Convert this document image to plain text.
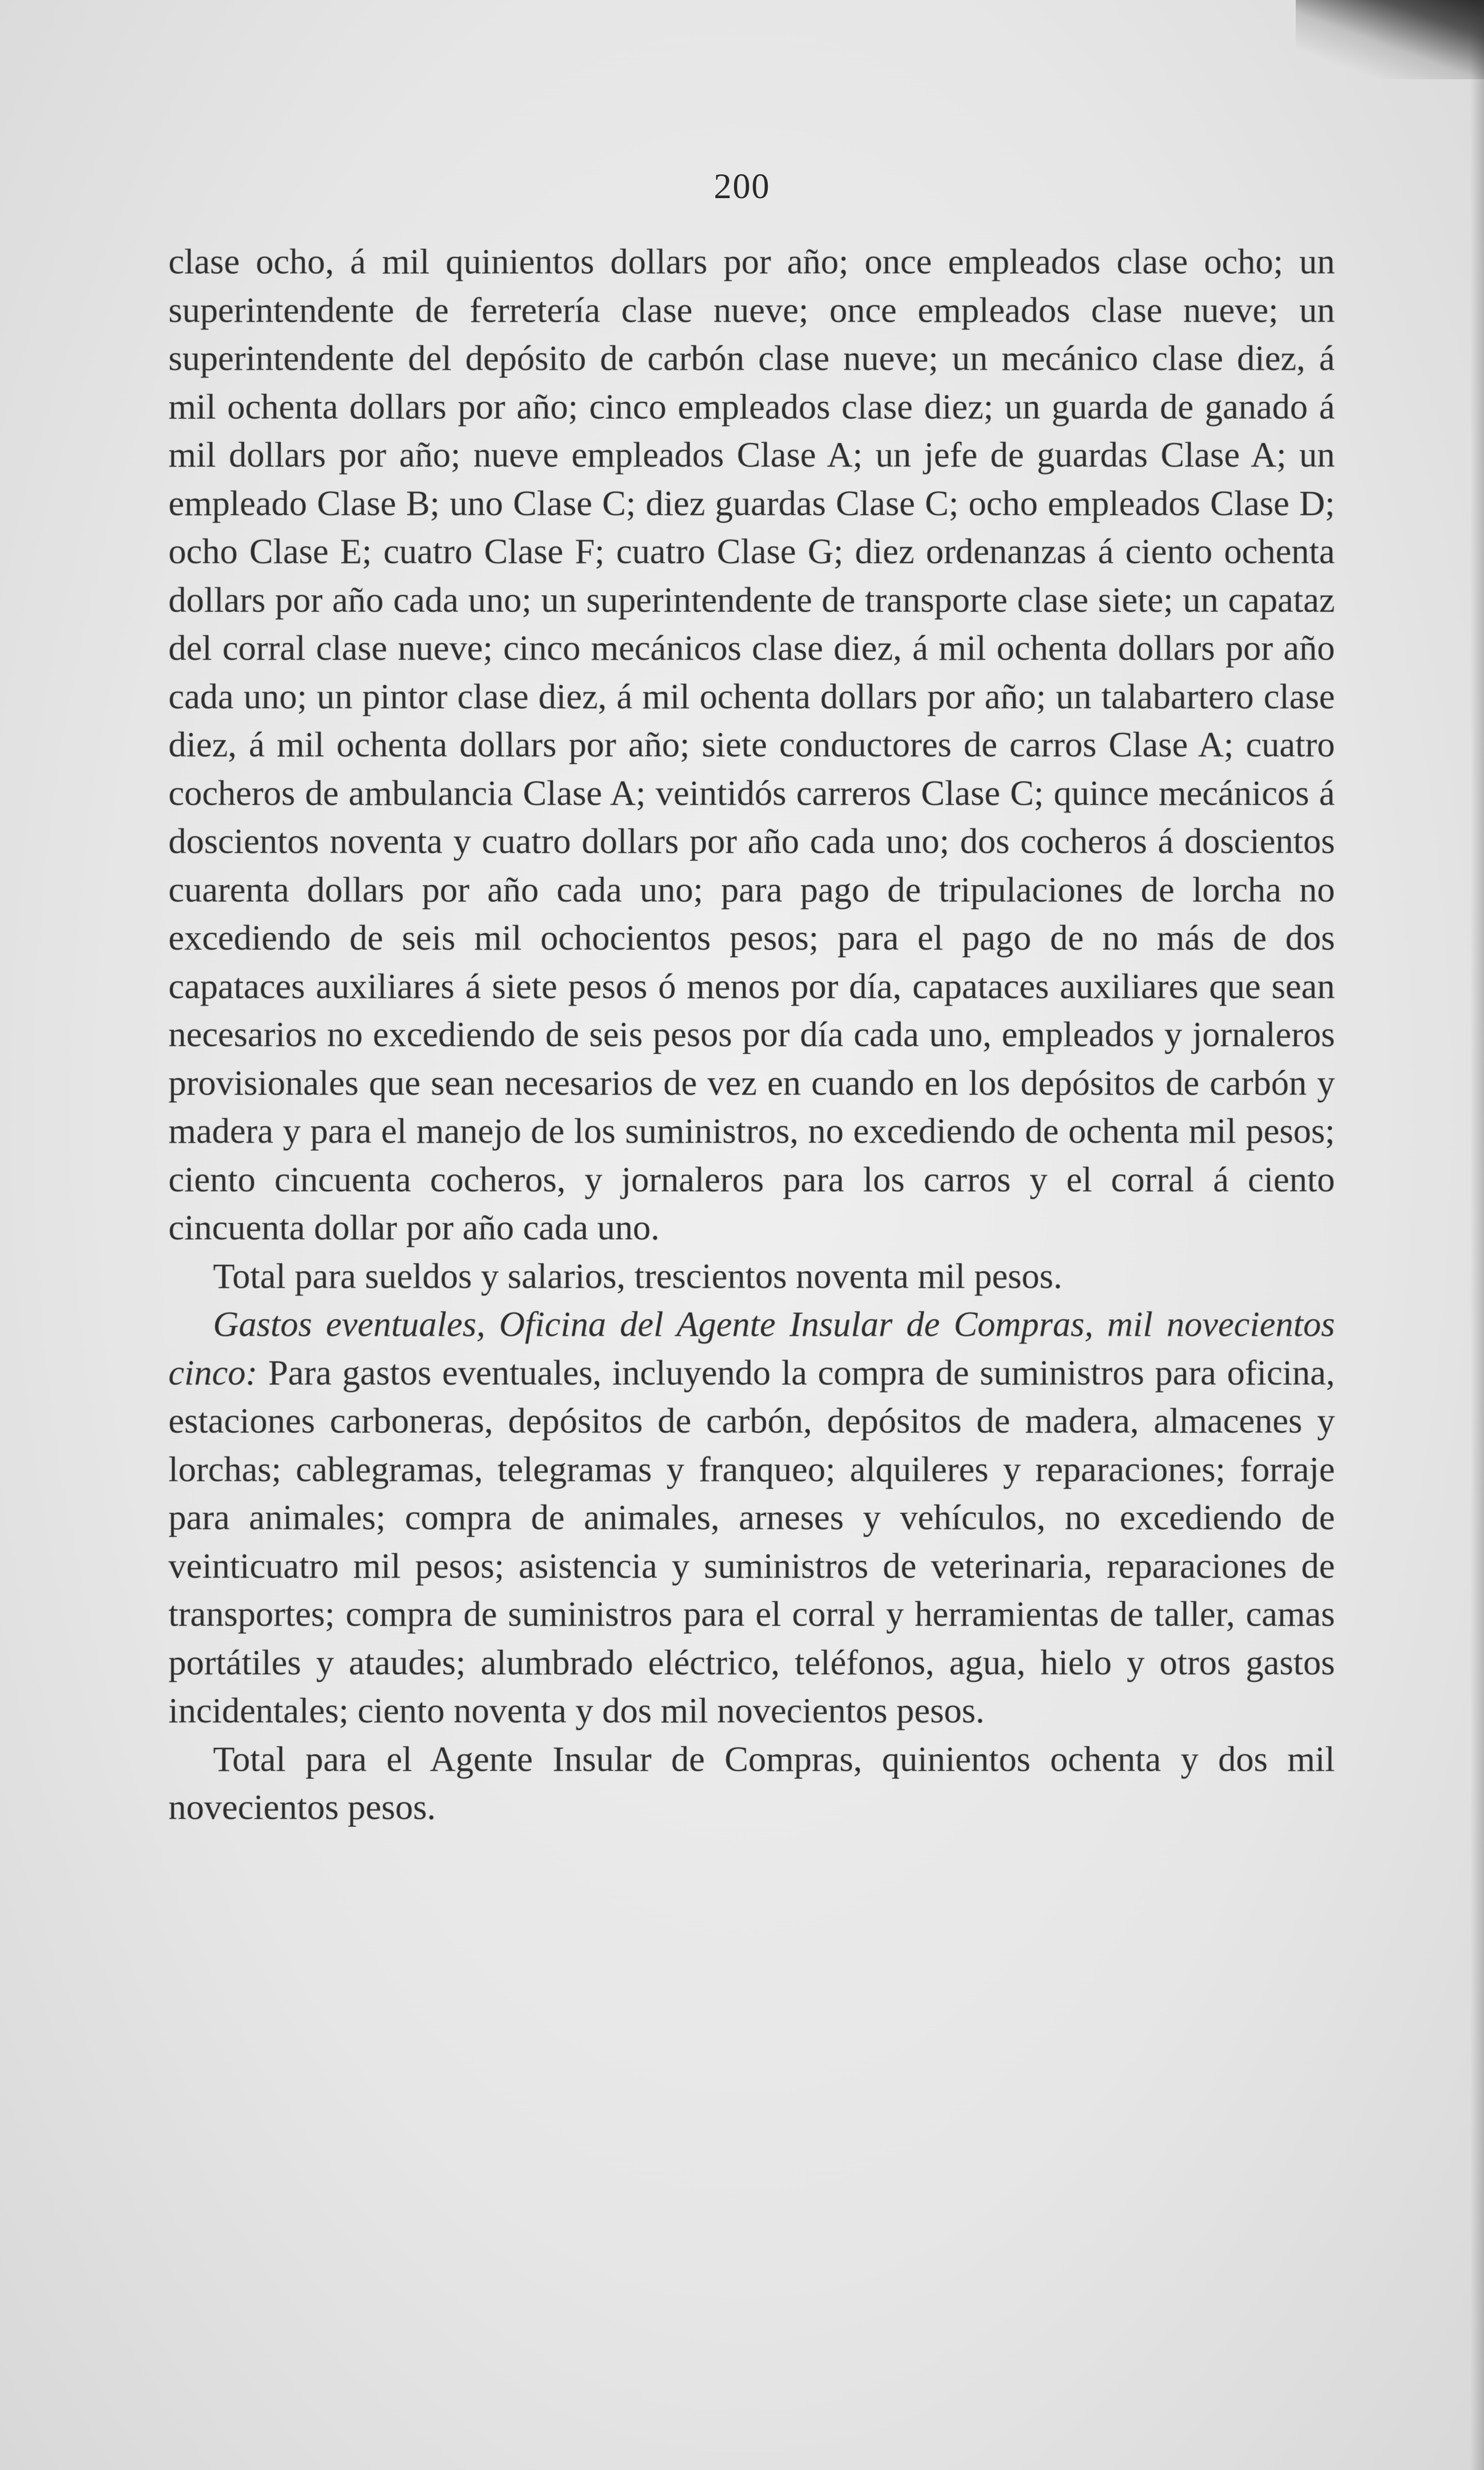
200

clase ocho, á mil quinientos dollars por año; once empleados clase ocho; un superintendente de ferretería clase nueve; once empleados clase nueve; un superintendente del depósito de carbón clase nueve; un mecánico clase diez, á mil ochenta dollars por año; cinco empleados clase diez; un guarda de ganado á mil dollars por año; nueve empleados Clase A; un jefe de guardas Clase A; un empleado Clase B; uno Clase C; diez guardas Clase C; ocho empleados Clase D; ocho Clase E; cuatro Clase F; cuatro Clase G; diez ordenanzas á ciento ochenta dollars por año cada uno; un superintendente de transporte clase siete; un capataz del corral clase nueve; cinco mecánicos clase diez, á mil ochenta dollars por año cada uno; un pintor clase diez, á mil ochenta dollars por año; un talabartero clase diez, á mil ochenta dollars por año; siete conductores de carros Clase A; cuatro cocheros de ambulancia Clase A; veintidós carreros Clase C; quince mecánicos á doscientos noventa y cuatro dollars por año cada uno; dos cocheros á doscientos cuarenta dollars por año cada uno; para pago de tripulaciones de lorcha no excediendo de seis mil ochocientos pesos; para el pago de no más de dos capataces auxiliares á siete pesos ó menos por día, capataces auxiliares que sean necesarios no excediendo de seis pesos por día cada uno, empleados y jornaleros provisionales que sean necesarios de vez en cuando en los depósitos de carbón y madera y para el manejo de los suministros, no excediendo de ochenta mil pesos; ciento cincuenta cocheros, y jornaleros para los carros y el corral á ciento cincuenta dollar por año cada uno.

Total para sueldos y salarios, trescientos noventa mil pesos.

Gastos eventuales, Oficina del Agente Insular de Compras, mil novecientos cinco: Para gastos eventuales, incluyendo la compra de suministros para oficina, estaciones carboneras, depósitos de carbón, depósitos de madera, almacenes y lorchas; cablegramas, telegramas y franqueo; alquileres y reparaciones; forraje para animales; compra de animales, arneses y vehículos, no excediendo de veinticuatro mil pesos; asistencia y suministros de veterinaria, reparaciones de transportes; compra de suministros para el corral y herramientas de taller, camas portátiles y ataudes; alumbrado eléctrico, teléfonos, agua, hielo y otros gastos incidentales; ciento noventa y dos mil novecientos pesos.

Total para el Agente Insular de Compras, quinientos ochenta y dos mil novecientos pesos.
